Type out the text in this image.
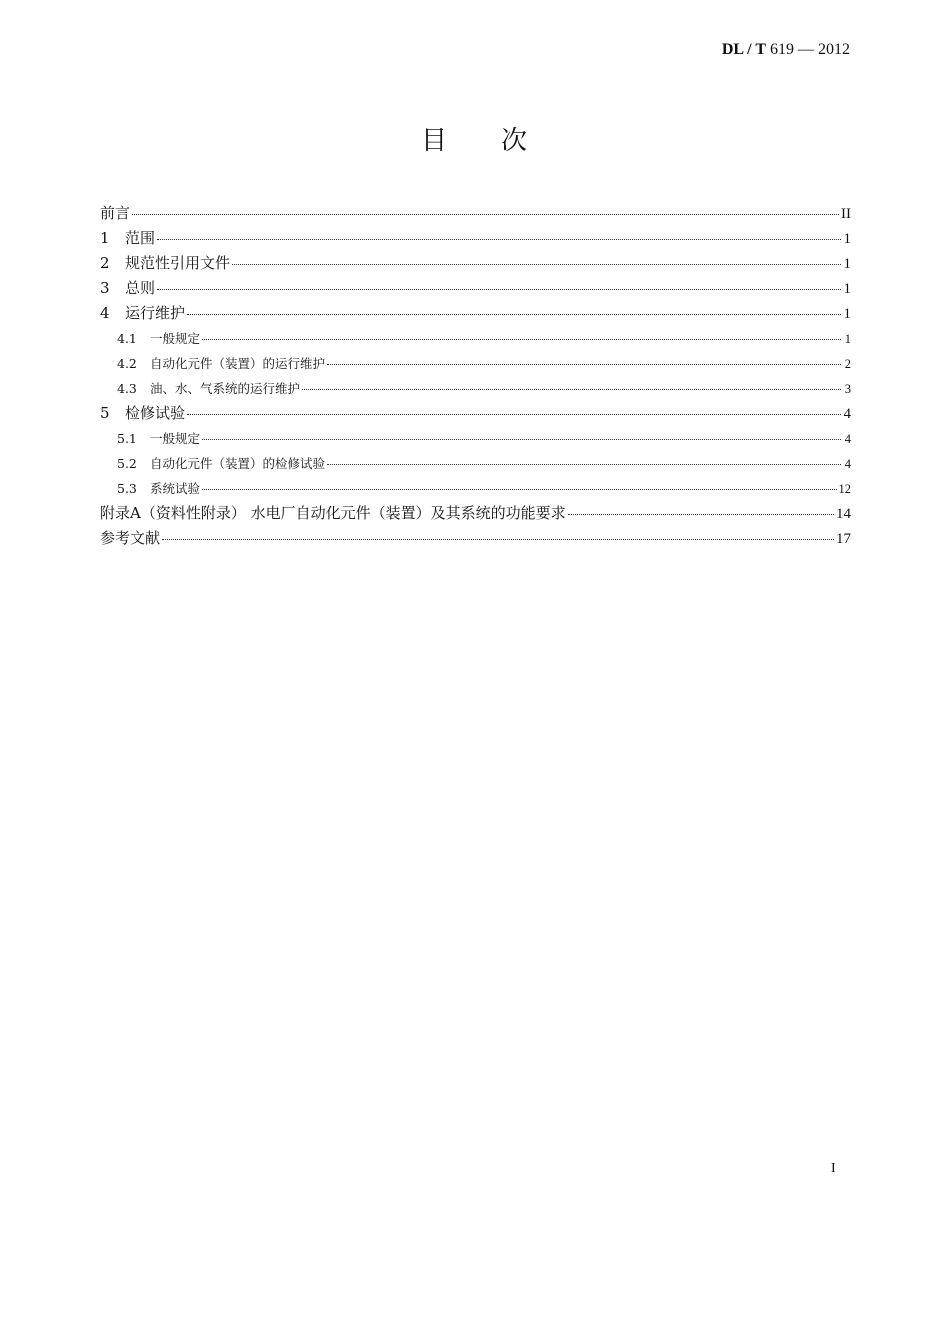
DL / T 619 — 2012
目 次
前言	II
1	范围	1
2	规范性引用文件	1
3	总则	1
4	运行维护	1
4.1	一般规定	1
4.2	自动化元件（装置）的运行维护	2
4.3	油、水、气系统的运行维护	3
5	检修试验	4
5.1	一般规定	4
5.2	自动化元件（装置）的检修试验	4
5.3	系统试验	12
附录A（资料性附录） 水电厂自动化元件（装置）及其系统的功能要求	14
参考文献	17
I
